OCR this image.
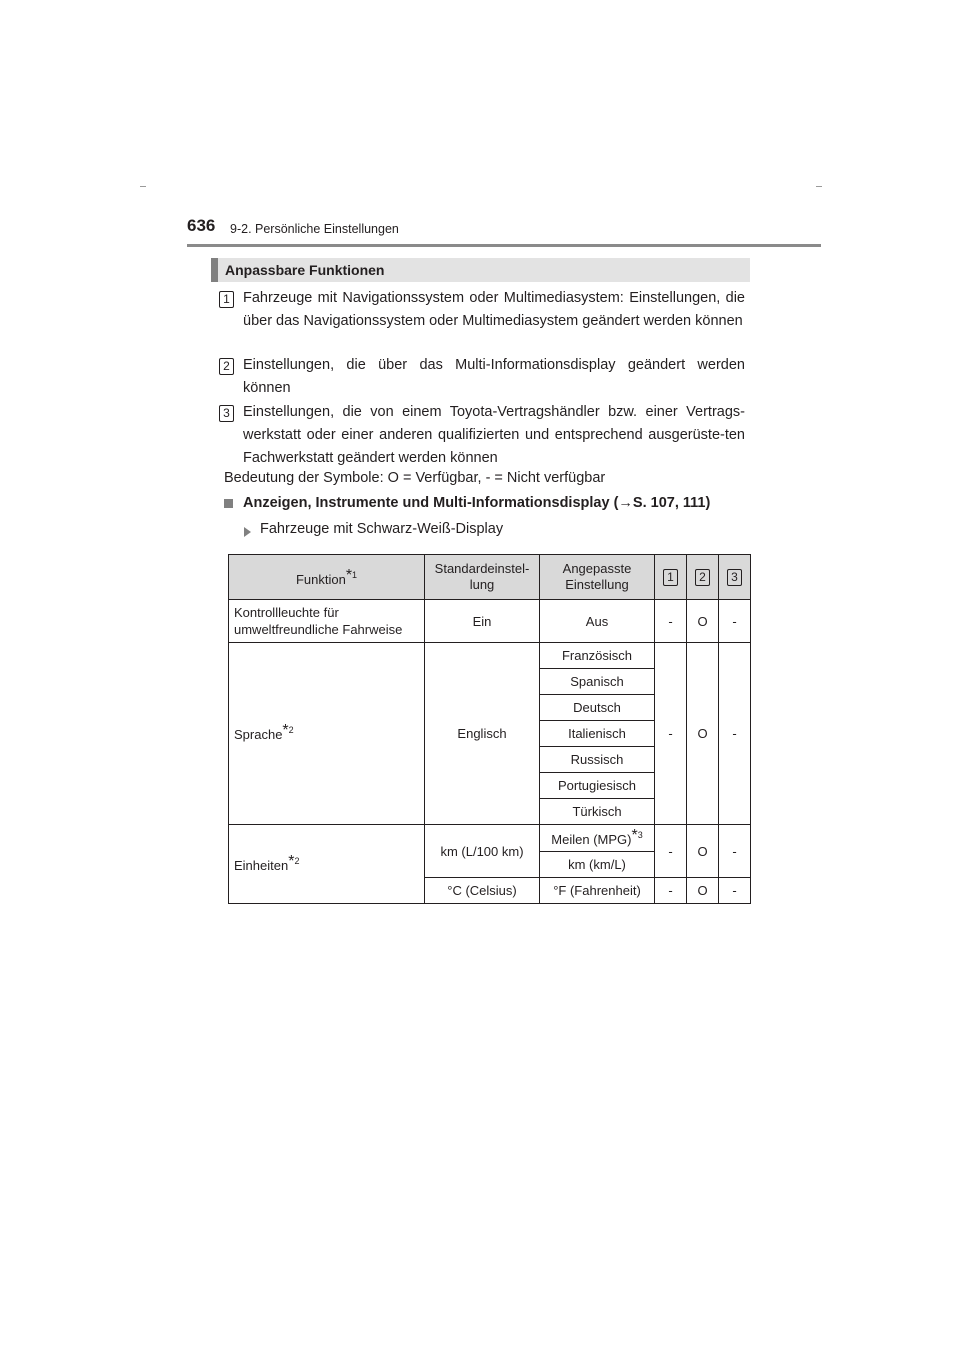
636 9-2. Persönliche Einstellungen
Anpassbare Funktionen
1 Fahrzeuge mit Navigationssystem oder Multimediasystem: Einstellungen, die über das Navigationssystem oder Multimediasystem geändert werden können
2 Einstellungen, die über das Multi-Informationsdisplay geändert werden können
3 Einstellungen, die von einem Toyota-Vertragshändler bzw. einer Vertrags-werkstatt oder einer anderen qualifizierten und entsprechend ausgerüste-ten Fachwerkstatt geändert werden können
Bedeutung der Symbole: O = Verfügbar, - = Nicht verfügbar
Anzeigen, Instrumente und Multi-Informationsdisplay (→S. 107, 111)
Fahrzeuge mit Schwarz-Weiß-Display
Funktion*$^1$	Standardeinstel-lung	Angepasste Einstellung	1	2	3
Kontrollleuchte für umweltfreundliche Fahrweise	Ein	Aus	-	O	-
Sprache*$^2$	Englisch	Französisch	-	O	-
		Spanisch			
		Deutsch			
		Italienisch			
		Russisch			
		Portugiesisch			
		Türkisch			
Einheiten*$^2$	km (L/100 km)	Meilen (MPG)*$^3$	-	O	-
		km (km/L)			
	°C (Celsius)	°F (Fahrenheit)	-	O	-
